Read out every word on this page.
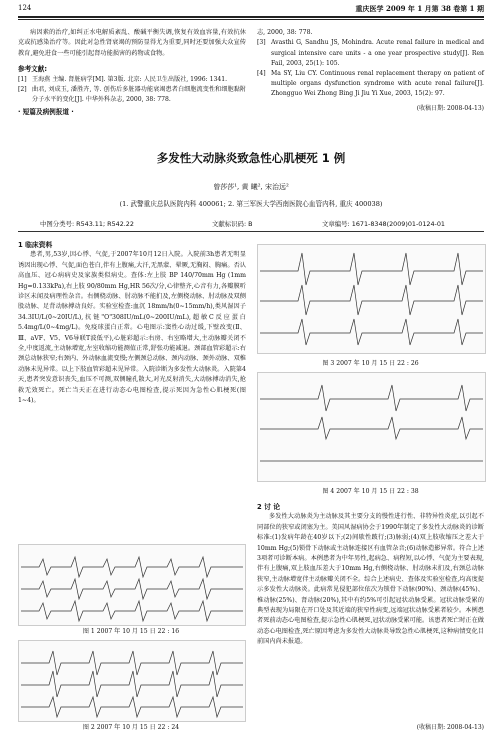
124	重庆医学 2009 年 1 月第 38 卷第 1 期

病因素的治疗,如纠正水电解质紊乱、酸碱平衡失调,恢复有效血容量,有效抗休克或抗感染治疗等。因此对急性肾衰竭的预防显得尤为重要,同时还要加强大众宣传教育,避免进食一些可能引起肾功能损害的药物或食物。

参考文献:
[1] 王海燕 主编. 肾脏病学[M]. 第3版. 北京: 人民卫生出版社, 1996: 1341.
[2] 曲君, 刘成玉, 潘胜卉, 等. 创伤后多脏器功能衰竭患者白细胞流变性和细胞黏附分子水平的变化[J]. 中华外科杂志, 2000, 38: 778.
· 短篇及病例报道 ·

志, 2000, 38: 778.

[3] Avasthi G, Sandhu JS, Mohindra. Acute renal failure in medical and surgical intensive care units - a one year prospective study[J]. Ren Fail, 2003, 25(1): 105.
[4] Ma SY, Liu CY. Continuous renal replacement therapy on patient of multiple organs dysfunction syndrome with acute renal failure[J]. Zhongguo Wei Zhong Bing Ji Jiu Yi Xue, 2003, 15(2): 97.
(收稿日期: 2008-04-13)
多发性大动脉炎致急性心肌梗死 1 例
曾莎莎¹, 黄 曦², 宋治远²
(1. 武警重庆总队医院内科 400061; 2. 第三军医大学西南医院心血管内科, 重庆 400038)
中图分类号: R543.11; R542.22	文献标识码: B	文章编号: 1671-8348(2009)01-0124-01
1 临床资料

患者,男,53岁,因心悸、气促,于2007年10月12日入院。入院前3h患者无明显诱因出现心悸、气促,面色苍白,伴有上腹痛,大汗,无黑蒙、晕厥,无胸闷、胸痛。否认高血压、冠心病病史及家族类似病史。查体:左上肢 BP 140/70mm Hg (1mm Hg=0.133kPa),右上肢 90/80mm Hg,HR 56次/分,心律整齐,心音有力,各瓣膜听诊区未闻及病理性杂音。右侧桡动脉、肘动脉不能扪及,左侧桡动脉、肘动脉及双侧股动脉、足背动脉搏动良好。实验室检查:血沉 18mm/h(0~15mm/h),类风湿因子 34.3IU/L(0~20IU/L),抗链"O"308IU/mL(0~200IU/mL),超敏C反应蛋白 5.4mg/L(0~4mg/L)。免疫球蛋白正常。心电图示:窦性心动过缓,下壁改变(Ⅱ、Ⅲ、aVF、V5、V6导联T波低平),心脏彩超示:右房、右室略增大,主动脉瓣关闭不全,中度返流,主动脉增宽,左室收缩功能测值正常,舒张功能减退。颈部血管彩超示:右颈总动脉狭窄;右颈内、外动脉血流变慢;左侧颈总动脉、颈内动脉、颈外动脉、双椎动脉未见异常。以上下肢血管彩超未见异常。入院诊断为多发性大动脉炎。入院第4天,患者突发意识丧失,血压不可测,双侧瞳孔散大,对光反射消失,大动脉搏动消失,抢救无效死亡。死亡当天正在进行动态心电图检查,提示死因为急性心肌梗死(图1~4)。

图 1 2007 年 10 月 15 日 22 : 16
图 2 2007 年 10 月 15 日 22 : 24
图 3 2007 年 10 月 15 日 22 : 26
图 4 2007 年 10 月 15 日 22 : 38
2 讨 论

多发性大动脉炎为主动脉及其主要分支的慢性进行性、非特异性炎症,以引起不同部位的狭窄或闭塞为主。美国风湿病协会于1990年制定了多发性大动脉炎的诊断标准:(1)发病年龄在40岁以下;(2)间歇性跛行;(3)脉弱;(4)双上肢收缩压之差大于10mm Hg;(5)锁骨下动脉或主动脉连接区有血管杂音;(6)动脉造影异常。符合上述3项者可诊断本病。本例患者为中年男性,起病急、病程短,以心悸、气促为主要表现,伴有上腹痛,双上肢血压差大于10mm Hg,右侧桡动脉、肘动脉未扪及,右颈总动脉狭窄,主动脉增宽伴主动脉瓣关闭不全。综合上述病史、查体及实验室检查,均高度提示多发性大动脉炎。此病常见侵犯部位依次为锁骨下动脉(90%)、颈动脉(45%)、椎动脉(25%)、肾动脉(20%),其中有约5%可引起冠状动脉受累。冠状动脉受累的典型表现为局限在开口处及其近端的狭窄性病变,远端冠状动脉受累者较少。本例患者死前动态心电图检查,提示急性心肌梗死,冠状动脉受累可能。该患者死亡时正在做动态心电图检查,死亡原因考虑为多发性大动脉炎导致急性心肌梗死,这种病情变化目前国内尚未报道。

(收稿日期: 2008-04-13)
